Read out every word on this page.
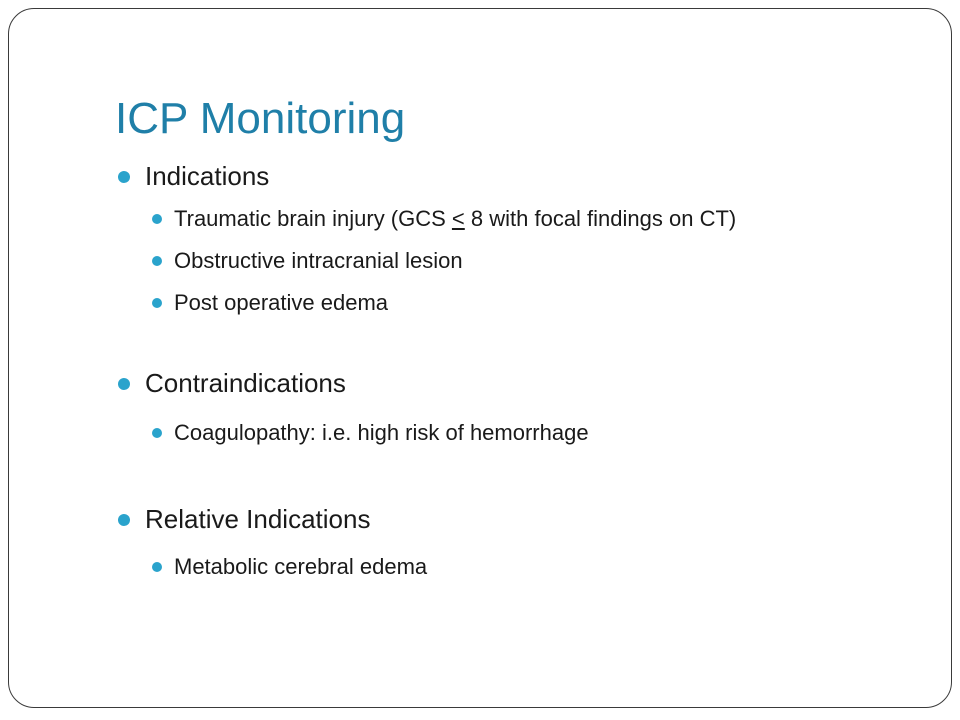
ICP Monitoring
Indications
Traumatic brain injury (GCS ≤ 8 with focal findings on CT)
Obstructive intracranial lesion
Post operative edema
Contraindications
Coagulopathy: i.e. high risk of hemorrhage
Relative Indications
Metabolic cerebral edema
